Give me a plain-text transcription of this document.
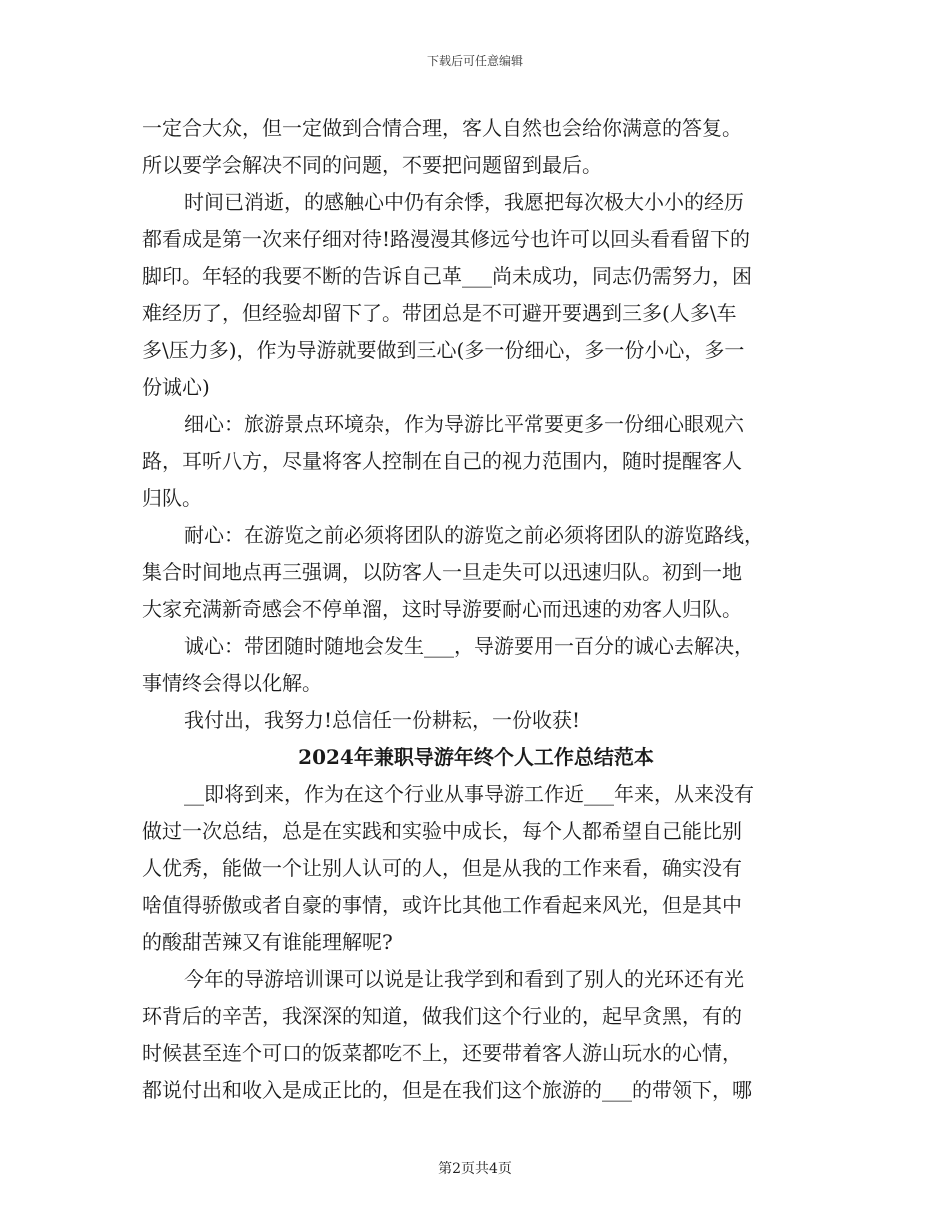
下载后可任意编辑
一定合大众，但一定做到合情合理，客人自然也会给你满意的答复。
所以要学会解决不同的问题，不要把问题留到最后。
时间已消逝，的感触心中仍有余悸，我愿把每次极大小小的经历
都看成是第一次来仔细对待!路漫漫其修远兮也许可以回头看看留下的
脚印。年轻的我要不断的告诉自己革___尚未成功，同志仍需努力，困
难经历了，但经验却留下了。带团总是不可避开要遇到三多(人多\车
多\压力多)，作为导游就要做到三心(多一份细心，多一份小心，多一
份诚心)
细心：旅游景点环境杂，作为导游比平常要更多一份细心眼观六
路，耳听八方，尽量将客人控制在自己的视力范围内，随时提醒客人
归队。
耐心：在游览之前必须将团队的游览之前必须将团队的游览路线，
集合时间地点再三强调，以防客人一旦走失可以迅速归队。初到一地
大家充满新奇感会不停单溜，这时导游要耐心而迅速的劝客人归队。
诚心：带团随时随地会发生___，导游要用一百分的诚心去解决，
事情终会得以化解。
我付出，我努力!总信任一份耕耘，一份收获!
2024年兼职导游年终个人工作总结范本
__即将到来，作为在这个行业从事导游工作近___年来，从来没有
做过一次总结，总是在实践和实验中成长，每个人都希望自己能比别
人优秀，能做一个让别人认可的人，但是从我的工作来看，确实没有
啥值得骄傲或者自豪的事情，或许比其他工作看起来风光，但是其中
的酸甜苦辣又有谁能理解呢?
今年的导游培训课可以说是让我学到和看到了别人的光环还有光
环背后的辛苦，我深深的知道，做我们这个行业的，起早贪黑，有的
时候甚至连个可口的饭菜都吃不上，还要带着客人游山玩水的心情，
都说付出和收入是成正比的，但是在我们这个旅游的___的带领下，哪
第2页共4页
